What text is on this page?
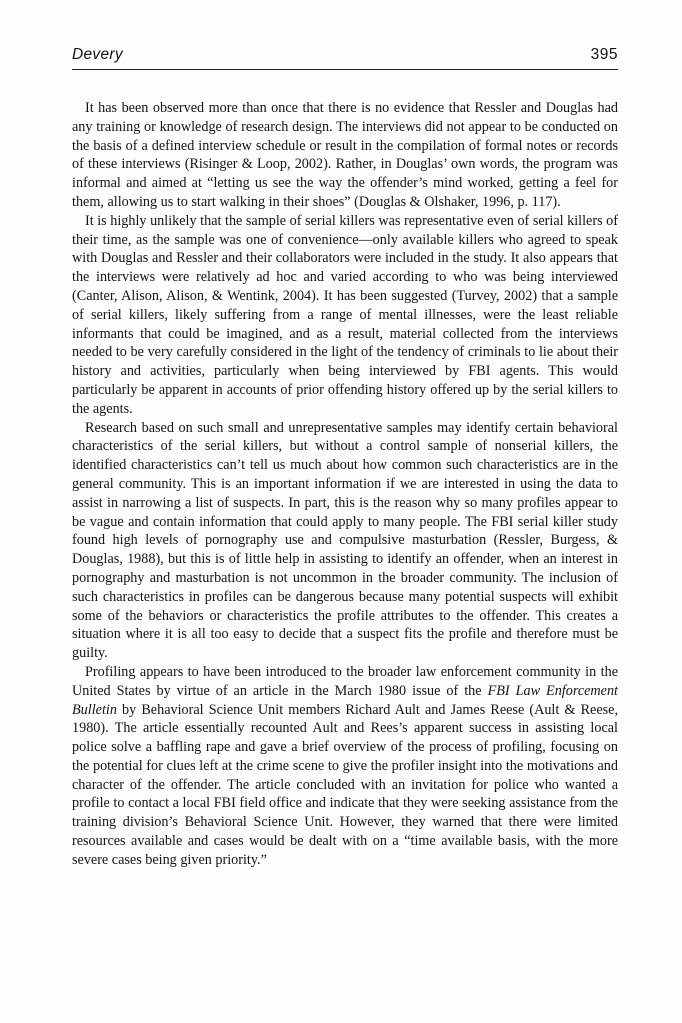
Devery	395

It has been observed more than once that there is no evidence that Ressler and Douglas had any training or knowledge of research design. The interviews did not appear to be conducted on the basis of a defined interview schedule or result in the compilation of formal notes or records of these interviews (Risinger & Loop, 2002). Rather, in Douglas’ own words, the program was informal and aimed at “letting us see the way the offender’s mind worked, getting a feel for them, allowing us to start walking in their shoes” (Douglas & Olshaker, 1996, p. 117).

It is highly unlikely that the sample of serial killers was representative even of serial killers of their time, as the sample was one of convenience—only available killers who agreed to speak with Douglas and Ressler and their collaborators were included in the study. It also appears that the interviews were relatively ad hoc and varied according to who was being interviewed (Canter, Alison, Alison, & Wentink, 2004). It has been suggested (Turvey, 2002) that a sample of serial killers, likely suffering from a range of mental illnesses, were the least reliable informants that could be imagined, and as a result, material collected from the interviews needed to be very carefully considered in the light of the tendency of criminals to lie about their history and activities, particularly when being interviewed by FBI agents. This would particularly be apparent in accounts of prior offending history offered up by the serial killers to the agents.

Research based on such small and unrepresentative samples may identify certain behavioral characteristics of the serial killers, but without a control sample of nonserial killers, the identified characteristics can’t tell us much about how common such characteristics are in the general community. This is an important information if we are interested in using the data to assist in narrowing a list of suspects. In part, this is the reason why so many profiles appear to be vague and contain information that could apply to many people. The FBI serial killer study found high levels of pornography use and compulsive masturbation (Ressler, Burgess, & Douglas, 1988), but this is of little help in assisting to identify an offender, when an interest in pornography and masturbation is not uncommon in the broader community. The inclusion of such characteristics in profiles can be dangerous because many potential suspects will exhibit some of the behaviors or characteristics the profile attributes to the offender. This creates a situation where it is all too easy to decide that a suspect fits the profile and therefore must be guilty.

Profiling appears to have been introduced to the broader law enforcement community in the United States by virtue of an article in the March 1980 issue of the FBI Law Enforcement Bulletin by Behavioral Science Unit members Richard Ault and James Reese (Ault & Reese, 1980). The article essentially recounted Ault and Rees’s apparent success in assisting local police solve a baffling rape and gave a brief overview of the process of profiling, focusing on the potential for clues left at the crime scene to give the profiler insight into the motivations and character of the offender. The article concluded with an invitation for police who wanted a profile to contact a local FBI field office and indicate that they were seeking assistance from the training division’s Behavioral Science Unit. However, they warned that there were limited resources available and cases would be dealt with on a “time available basis, with the more severe cases being given priority.”
